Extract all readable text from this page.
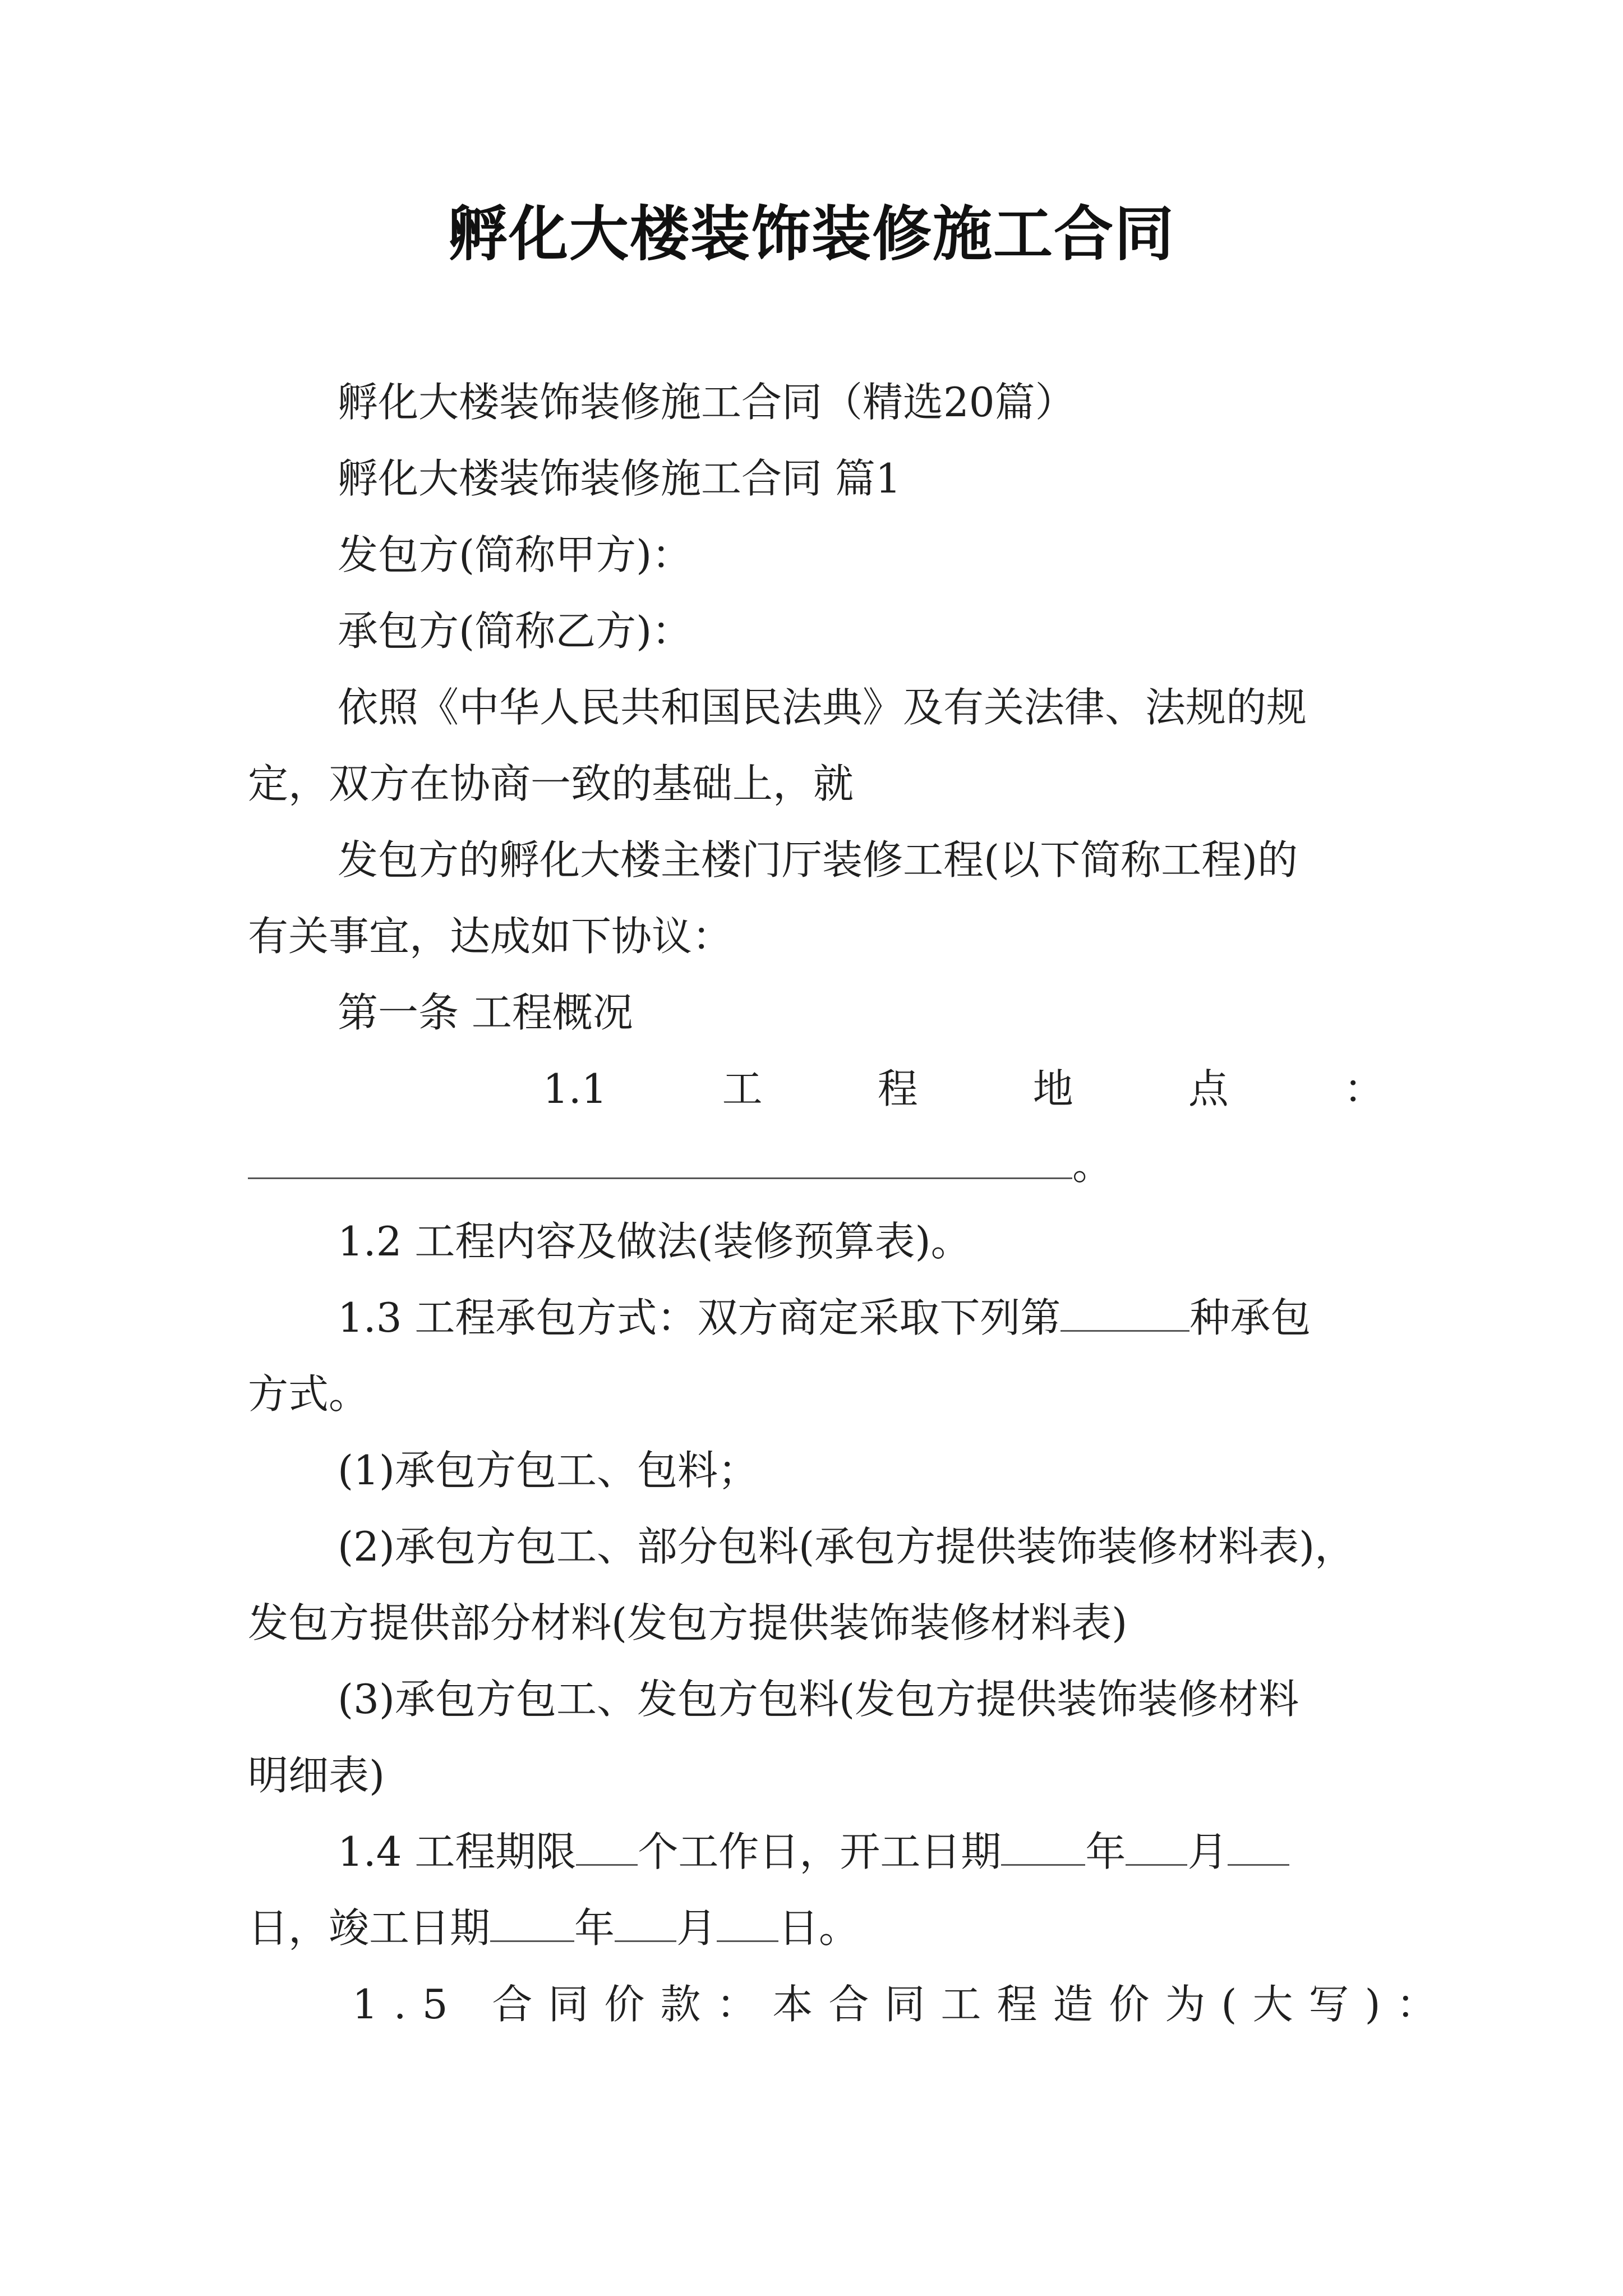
孵化大楼装饰装修施工合同
孵化大楼装饰装修施工合同（精选20篇）
孵化大楼装饰装修施工合同 篇1
发包方(简称甲方)：
承包方(简称乙方)：
依照《中华人民共和国民法典》及有关法律、法规的规
定，双方在协商一致的基础上，就
发包方的孵化大楼主楼门厅装修工程(以下简称工程)的
有关事宜，达成如下协议：
第一条 工程概况
1.1	工	程	地	点	：
。
1.2 工程内容及做法(装修预算表)。
1.3 工程承包方式：双方商定采取下列第	种承包
方式。
(1)承包方包工、包料；
(2)承包方包工、部分包料(承包方提供装饰装修材料表)，
发包方提供部分材料(发包方提供装饰装修材料表)
(3)承包方包工、发包方包料(发包方提供装饰装修材料
明细表)
1.4 工程期限 个工作日，开工日期 年 月
日，竣工日期 年 月 日。
1.5 合同价款：本合同工程造价为(大写)：
